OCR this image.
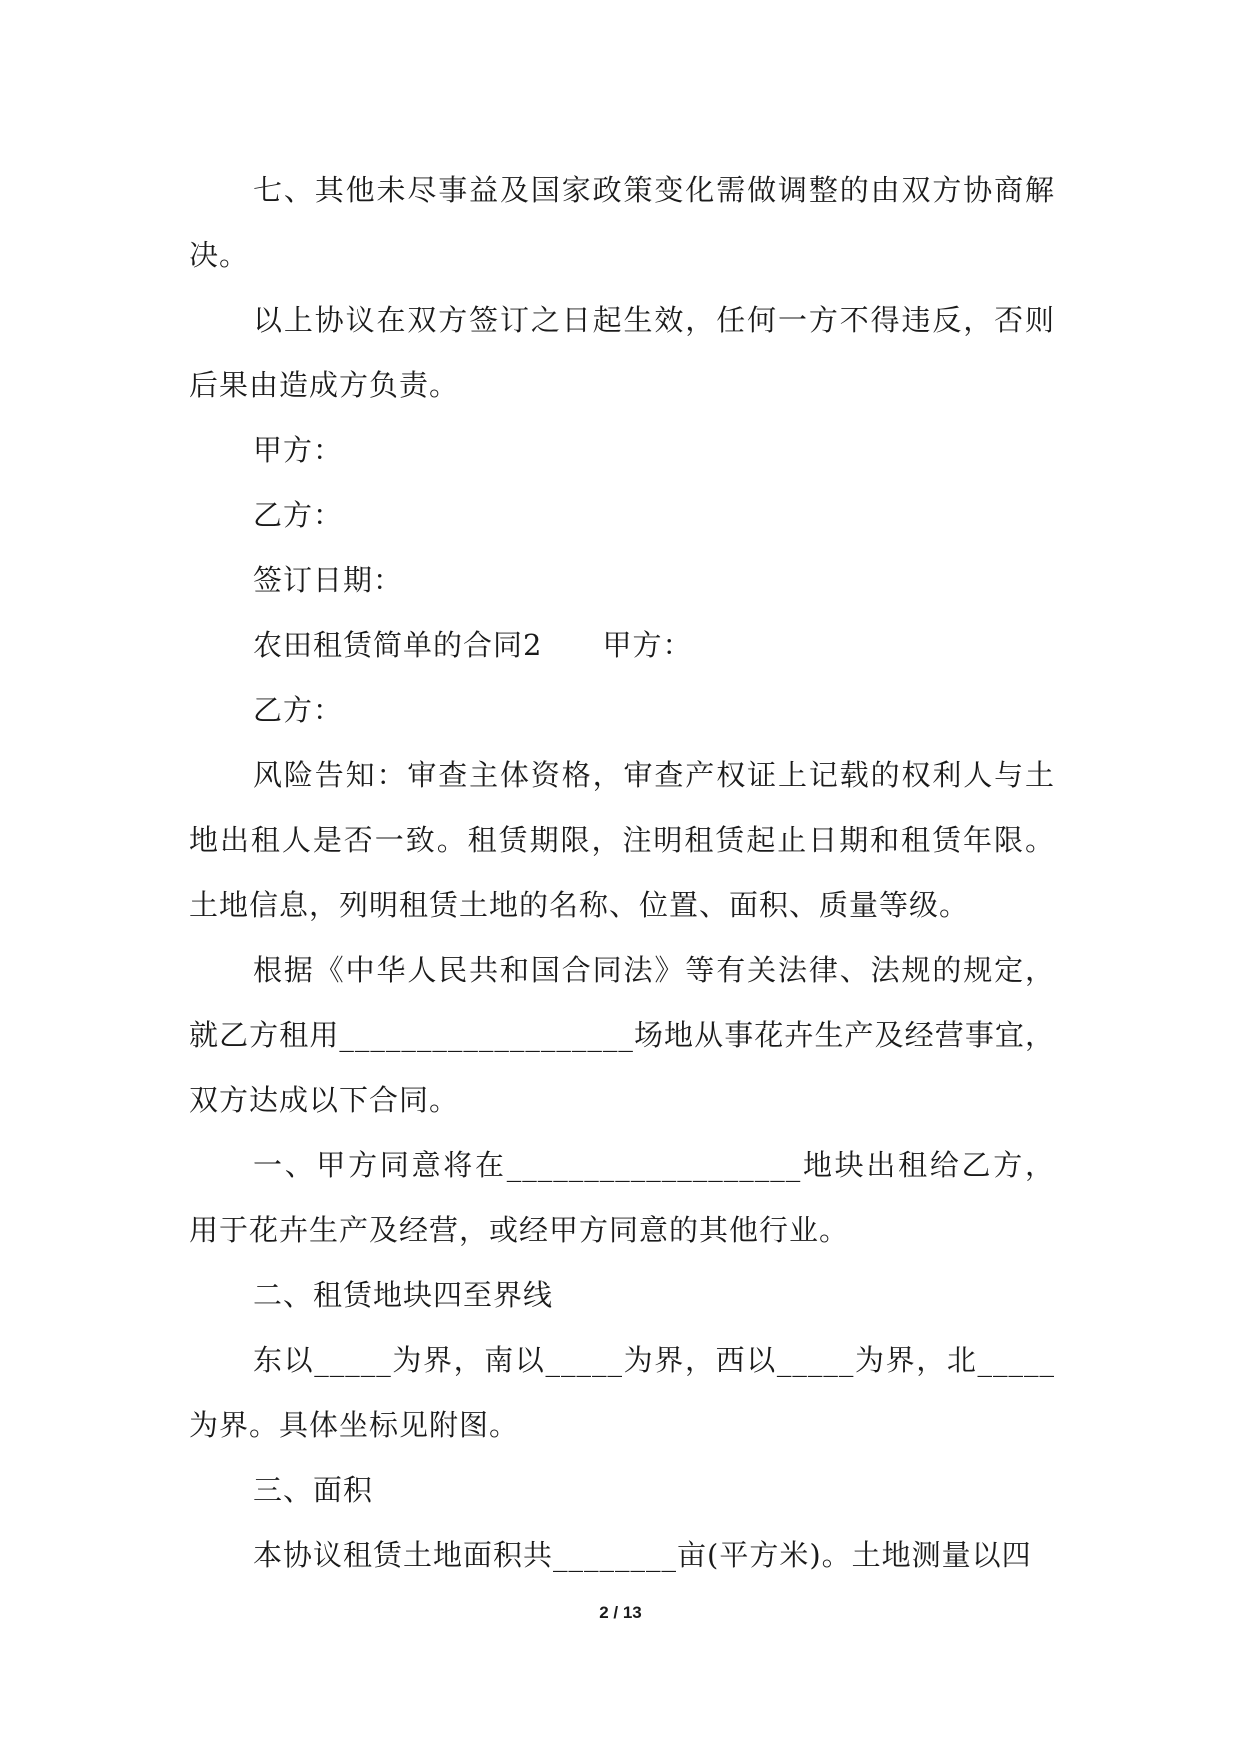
七、其他未尽事益及国家政策变化需做调整的由双方协商解决。

以上协议在双方签订之日起生效，任何一方不得违反，否则后果由造成方负责。

甲方：

乙方：

签订日期：

农田租赁简单的合同2　　甲方：

乙方：

风险告知：审查主体资格，审查产权证上记载的权利人与土地出租人是否一致。租赁期限，注明租赁起止日期和租赁年限。土地信息，列明租赁土地的名称、位置、面积、质量等级。

根据《中华人民共和国合同法》等有关法律、法规的规定，就乙方租用___________________场地从事花卉生产及经营事宜，双方达成以下合同。

一、甲方同意将在___________________地块出租给乙方，用于花卉生产及经营，或经甲方同意的其他行业。

二、租赁地块四至界线

东以_____为界，南以_____为界，西以_____为界，北_____为界。具体坐标见附图。

三、面积

本协议租赁土地面积共________亩(平方米)。土地测量以四

2 / 13
